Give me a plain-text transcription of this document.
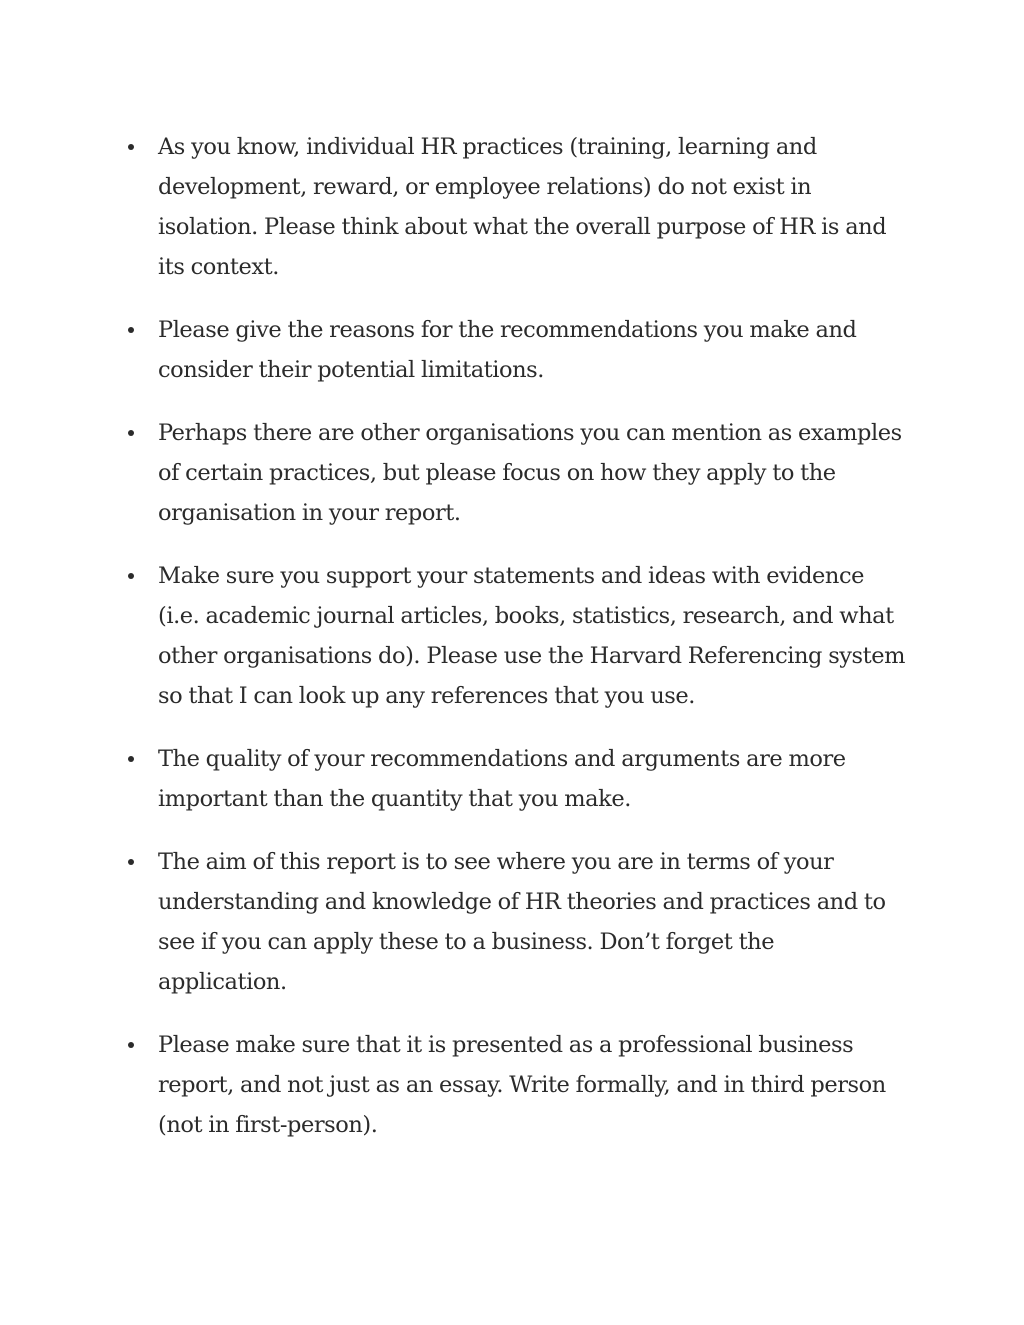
As you know, individual HR practices (training, learning and development, reward, or employee relations) do not exist in isolation. Please think about what the overall purpose of HR is and its context.
Please give the reasons for the recommendations you make and consider their potential limitations.
Perhaps there are other organisations you can mention as examples of certain practices, but please focus on how they apply to the organisation in your report.
Make sure you support your statements and ideas with evidence (i.e. academic journal articles, books, statistics, research, and what other organisations do). Please use the Harvard Referencing system so that I can look up any references that you use.
The quality of your recommendations and arguments are more important than the quantity that you make.
The aim of this report is to see where you are in terms of your understanding and knowledge of HR theories and practices and to see if you can apply these to a business. Don’t forget the application.
Please make sure that it is presented as a professional business report, and not just as an essay. Write formally, and in third person (not in first-person).
